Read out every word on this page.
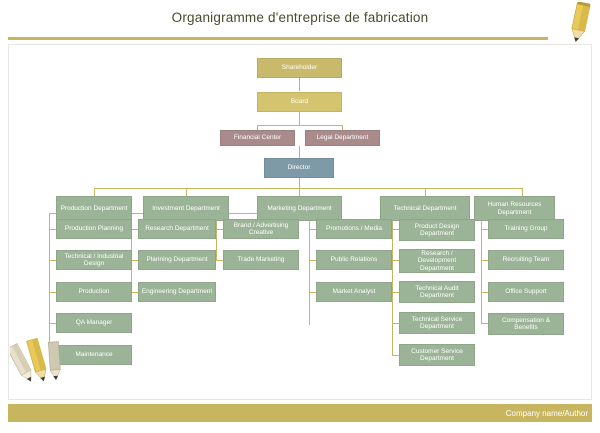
Organigramme d'entreprise de fabrication
Shareholder
Board
Financial Center	Legal Department
Director
Production Department	Investment Department	Marketing Department	Technical Department
Human Resources Department
Production Planning
Technical / Industrial Design
Production
QA Manager
Maintenance
Research Department
Planning Department
Engineering Department
Brand / Advertising Creative
Trade Marketing
Promotions / Media
Public Relations
Market Analyst
Product Design Department
Research / Development Department
Technical Audit Department
Technical Service Department
Customer Service Department
Training Group
Recruiting Team
Office Support
Compensation & Benefits
Company name/Author
